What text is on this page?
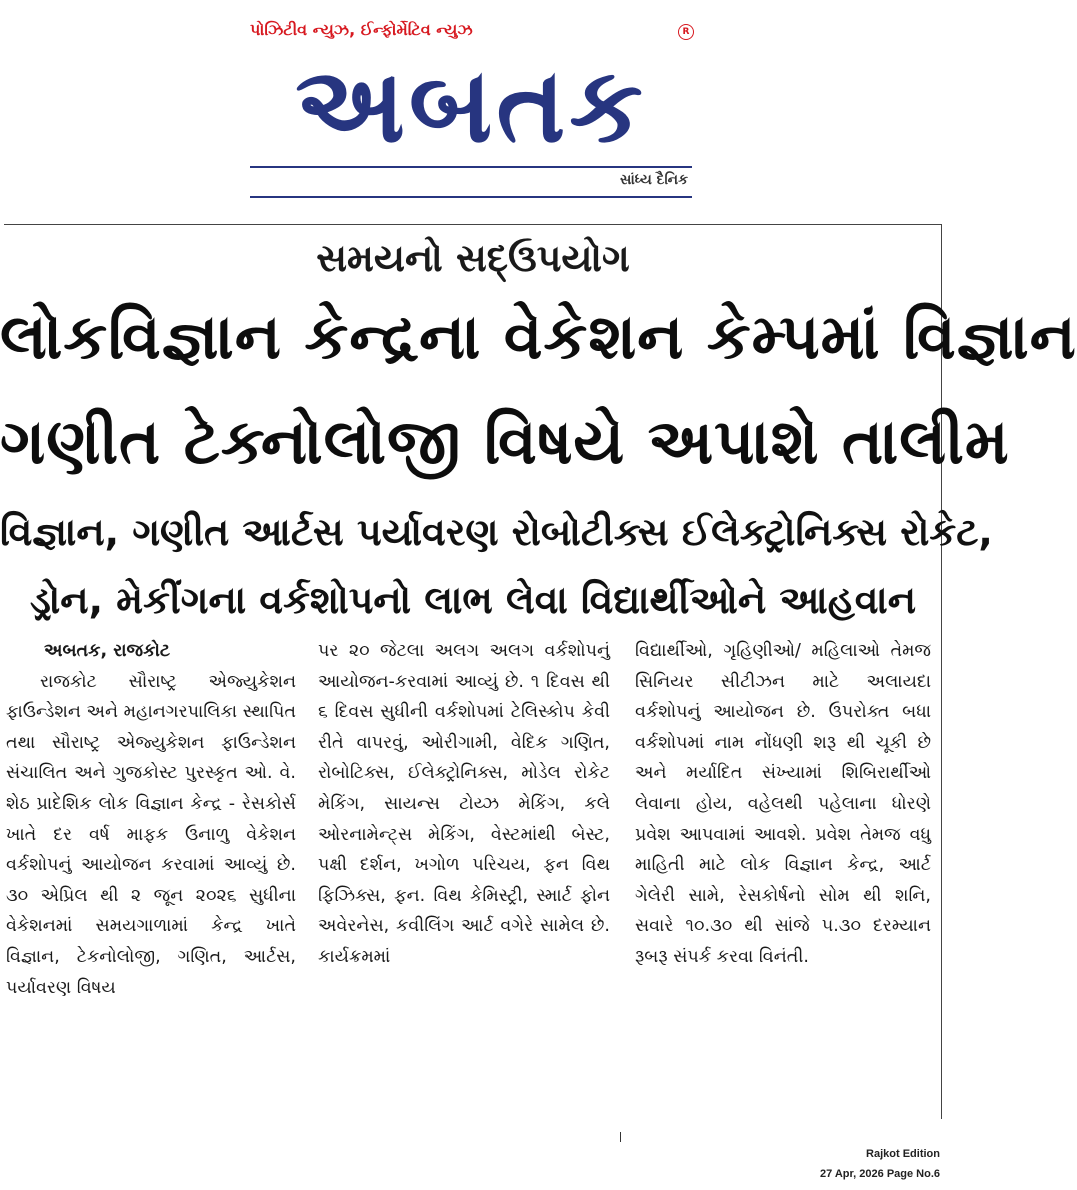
પોઝિટીવ ન્યુઝ, ઈન્ફોર્મેટિવ ન્યુઝ	R
અબતક
સાંધ્ય દૈનિક
સમયનો સદ્ઉપયોગ
લોકવિજ્ઞાન કેન્દ્રના વેકેશન કેમ્પમાં વિજ્ઞાન
ગણીત ટેક્નોલોજી વિષયે અપાશે તાલીમ
વિજ્ઞાન, ગણીત આર્ટસ પર્યાવરણ રોબોટીક્સ ઈલેક્ટ્રોનિક્સ રોકેટ,
ડ્રોન, મેકીંગના વર્કશોપનો લાભ લેવા વિદ્યાર્થીઓને આહવાન
અબતક, રાજકોટ
રાજકોટ સૌરાષ્ટ્ર એજ્યુકેશન ફાઉન્ડેશન અને મહાનગરપાલિકા સ્થાપિત તથા સૌરાષ્ટ્ર એજ્યુકેશન ફાઉન્ડેશન સંચાલિત અને ગુજકોસ્ટ પુરસ્કૃત ઓ. વે. શેઠ પ્રાદેશિક લોક વિજ્ઞાન કેન્દ્ર - રેસકોર્સ ખાતે દર વર્ષ માફક ઉનાળુ વેકેશન વર્કશોપનું આયોજન કરવામાં આવ્યું છે. ૩૦ એપ્રિલ થી ૨ જૂન ૨૦૨૬ સુધીના વેકેશનમાં સમયગાળામાં કેન્દ્ર ખાતે વિજ્ઞાન, ટેકનોલોજી, ગણિત, આર્ટસ, પર્યાવરણ વિષય
પર ૨૦ જેટલા અલગ અલગ વર્કશોપનું આયોજન-કરવામાં આવ્યું છે. ૧ દિવસ થી ૬ દિવસ સુધીની વર્કશોપમાં ટેલિસ્કોપ કેવી રીતે વાપરવું, ઓરીગામી, વેદિક ગણિત, રોબોટિક્સ, ઈલેક્ટ્રોનિક્સ, મોડેલ રોકેટ મેકિંગ, સાયન્સ ટોય્ઝ મેકિંગ, કલે ઓરનામેન્ટ્સ મેકિંગ, વેસ્ટમાંથી બેસ્ટ, પક્ષી દર્શન, ખગોળ પરિચય, ફન વિથ ફિઝિક્સ, ફન. વિથ કેમિસ્ટ્રી, સ્માર્ટ ફોન અવેરનેસ, કવીલિંગ આર્ટ વગેરે સામેલ છે. કાર્યક્રમમાં
વિદ્યાર્થીઓ, ગૃહિણીઓ/ મહિલાઓ તેમજ સિનિયર સીટીઝન માટે અલાયદા વર્કશોપનું આયોજન છે. ઉપરોક્ત બધા વર્કશોપમાં નામ નોંધણી શરૂ થી ચૂકી છે અને મર્યાદિત સંખ્યામાં શિબિરાર્થીઓ લેવાના હોય, વહેલથી પહેલાના ધોરણે પ્રવેશ આપવામાં આવશે. પ્રવેશ તેમજ વધુ માહિતી માટે લોક વિજ્ઞાન કેન્દ્ર, આર્ટ ગેલેરી સામે, રેસકોર્ષનો સોમ થી શનિ, સવારે ૧૦.૩૦ થી સાંજે ૫.૩૦ દરમ્યાન રૂબરૂ સંપર્ક કરવા વિનંતી.
Rajkot Edition
27 Apr, 2026 Page No.6
